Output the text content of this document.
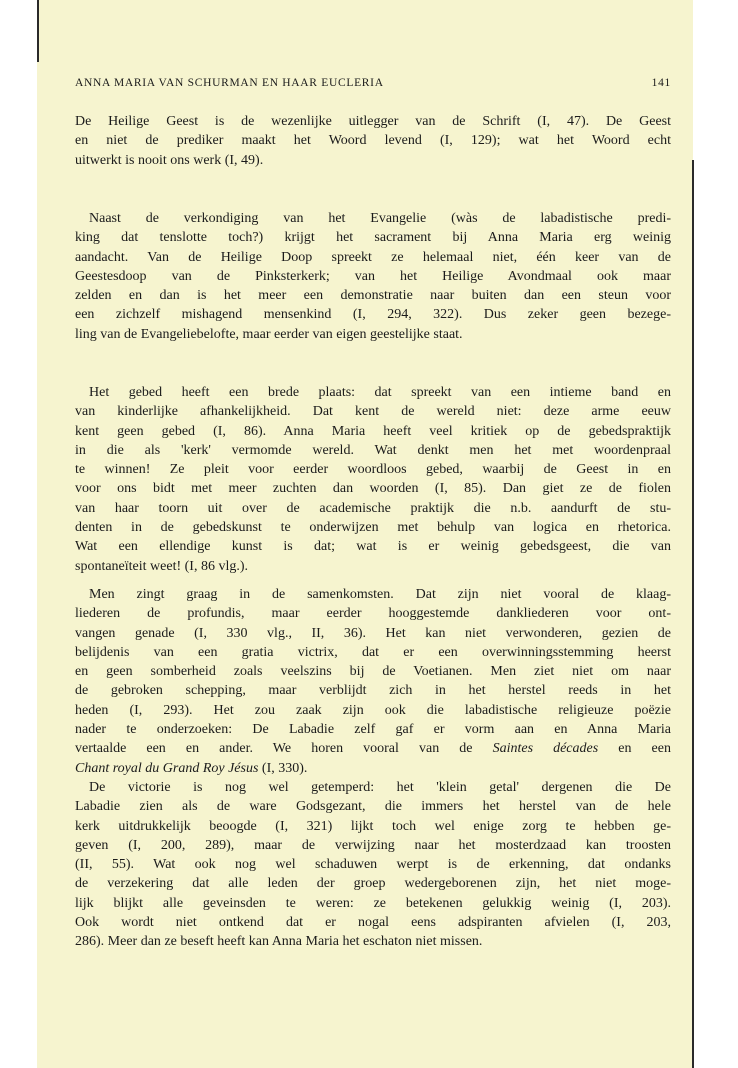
ANNA MARIA VAN SCHURMAN EN HAAR EUCLERIA	141
De Heilige Geest is de wezenlijke uitlegger van de Schrift (I, 47). De Geest
en niet de prediker maakt het Woord levend (I, 129); wat het Woord echt
uitwerkt is nooit ons werk (I, 49).
Naast de verkondiging van het Evangelie (wàs de labadistische predi-
king dat tenslotte toch?) krijgt het sacrament bij Anna Maria erg weinig
aandacht. Van de Heilige Doop spreekt ze helemaal niet, één keer van de
Geestesdoop van de Pinksterkerk; van het Heilige Avondmaal ook maar
zelden en dan is het meer een demonstratie naar buiten dan een steun voor
een zichzelf mishagend mensenkind (I, 294, 322). Dus zeker geen bezege-
ling van de Evangeliebelofte, maar eerder van eigen geestelijke staat.
Het gebed heeft een brede plaats: dat spreekt van een intieme band en
van kinderlijke afhankelijkheid. Dat kent de wereld niet: deze arme eeuw
kent geen gebed (I, 86). Anna Maria heeft veel kritiek op de gebedspraktijk
in die als 'kerk' vermomde wereld. Wat denkt men het met woordenpraal
te winnen! Ze pleit voor eerder woordloos gebed, waarbij de Geest in en
voor ons bidt met meer zuchten dan woorden (I, 85). Dan giet ze de fiolen
van haar toorn uit over de academische praktijk die n.b. aandurft de stu-
denten in de gebedskunst te onderwijzen met behulp van logica en rhetorica.
Wat een ellendige kunst is dat; wat is er weinig gebedsgeest, die van
spontaneïteit weet! (I, 86 vlg.).
Men zingt graag in de samenkomsten. Dat zijn niet vooral de klaag-
liederen de profundis, maar eerder hooggestemde dankliederen voor ont-
vangen genade (I, 330 vlg., II, 36). Het kan niet verwonderen, gezien de
belijdenis van een gratia victrix, dat er een overwinningsstemming heerst
en geen somberheid zoals veelszins bij de Voetianen. Men ziet niet om naar
de gebroken schepping, maar verblijdt zich in het herstel reeds in het
heden (I, 293). Het zou zaak zijn ook die labadistische religieuze poëzie
nader te onderzoeken: De Labadie zelf gaf er vorm aan en Anna Maria
vertaalde een en ander. We horen vooral van de Saintes décades en een
Chant royal du Grand Roy Jésus (I, 330).
De victorie is nog wel getemperd: het 'klein getal' dergenen die De
Labadie zien als de ware Godsgezant, die immers het herstel van de hele
kerk uitdrukkelijk beoogde (I, 321) lijkt toch wel enige zorg te hebben ge-
geven (I, 200, 289), maar de verwijzing naar het mosterdzaad kan troosten
(II, 55). Wat ook nog wel schaduwen werpt is de erkenning, dat ondanks
de verzekering dat alle leden der groep wedergeborenen zijn, het niet moge-
lijk blijkt alle geveinsden te weren: ze betekenen gelukkig weinig (I, 203).
Ook wordt niet ontkend dat er nogal eens adspiranten afvielen (I, 203,
286). Meer dan ze beseft heeft kan Anna Maria het eschaton niet missen.
